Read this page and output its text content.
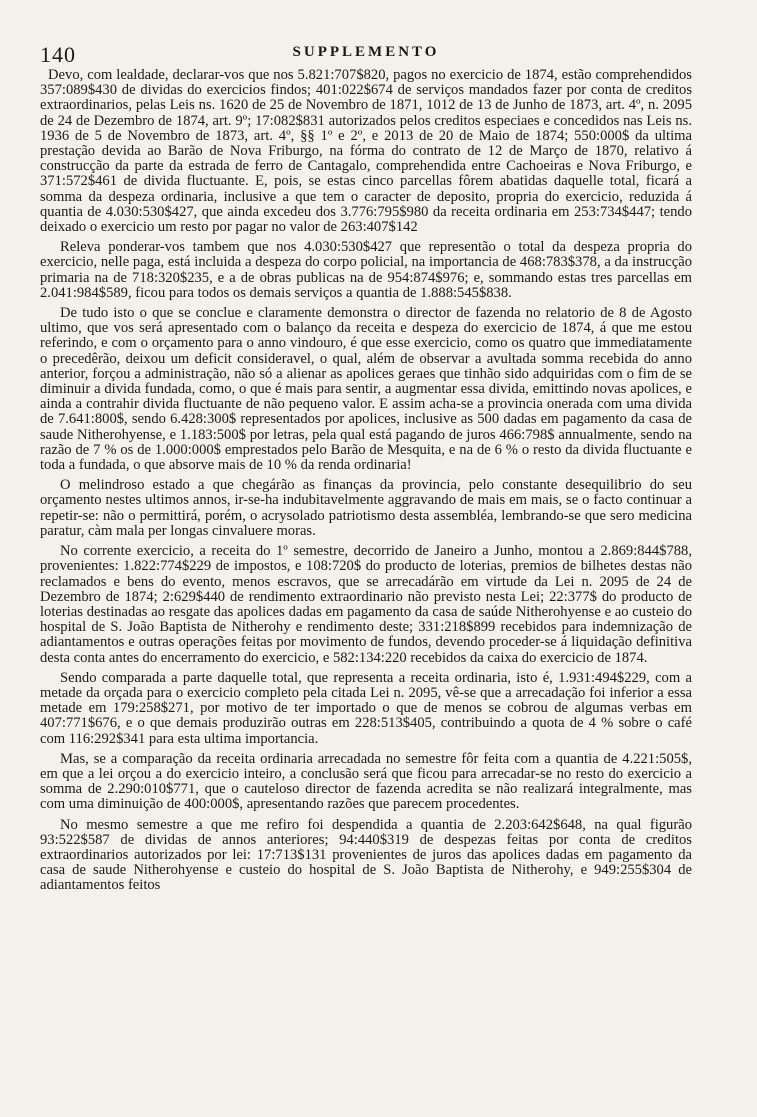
140	SUPPLEMENTO

Devo, com lealdade, declarar-vos que nos 5.821:707$820, pagos no exercicio de 1874, estão comprehendidos 357:089$430 de dividas do exercicios findos; 401:022$674 de serviços mandados fazer por conta de creditos extraordinarios, pelas Leis ns. 1620 de 25 de Novembro de 1871, 1012 de 13 de Junho de 1873, art. 4º, n. 2095 de 24 de Dezembro de 1874, art. 9º; 17:082$831 autorizados pelos creditos especiaes e concedidos nas Leis ns. 1936 de 5 de Novembro de 1873, art. 4º, §§ 1º e 2º, e 2013 de 20 de Maio de 1874; 550:000$ da ultima prestação devida ao Barão de Nova Friburgo, na fórma do contrato de 12 de Março de 1870, relativo á construcção da parte da estrada de ferro de Cantagalo, comprehendida entre Cachoeiras e Nova Friburgo, e 371:572$461 de divida fluctuante. E, pois, se estas cinco parcellas fôrem abatidas daquelle total, ficará a somma da despeza ordinaria, inclusive a que tem o caracter de deposito, propria do exercicio, reduzida á quantia de 4.030:530$427, que ainda excedeu dos 3.776:795$980 da receita ordinaria em 253:734$447; tendo deixado o exercicio um resto por pagar no valor de 263:407$142

Releva ponderar-vos tambem que nos 4.030:530$427 que representão o total da despeza propria do exercicio, nelle paga, está incluida a despeza do corpo policial, na importancia de 468:783$378, a da instrucção primaria na de 718:320$235, e a de obras publicas na de 954:874$976; e, sommando estas tres parcellas em 2.041:984$589, ficou para todos os demais serviços a quantia de 1.888:545$838.

De tudo isto o que se conclue e claramente demonstra o director de fazenda no relatorio de 8 de Agosto ultimo, que vos será apresentado com o balanço da receita e despeza do exercicio de 1874, á que me estou referindo, e com o orçamento para o anno vindouro, é que esse exercicio, como os quatro que immediatamente o precedêrão, deixou um deficit consideravel, o qual, além de observar a avultada somma recebida do anno anterior, forçou a administração, não só a alienar as apolices geraes que tinhão sido adquiridas com o fim de se diminuir a divida fundada, como, o que é mais para sentir, a augmentar essa divida, emittindo novas apolices, e ainda a contrahir divida fluctuante de não pequeno valor. E assim acha-se a provincia onerada com uma divida de 7.641:800$, sendo 6.428:300$ representados por apolices, inclusive as 500 dadas em pagamento da casa de saude Nitherohyense, e 1.183:500$ por letras, pela qual está pagando de juros 466:798$ annualmente, sendo na razão de 7 % os de 1.000:000$ emprestados pelo Barão de Mesquita, e na de 6 % o resto da divida fluctuante e toda a fundada, o que absorve mais de 10 % da renda ordinaria!

O melindroso estado a que chegárão as finanças da provincia, pelo constante desequilibrio do seu orçamento nestes ultimos annos, ir-se-ha indubitavelmente aggravando de mais em mais, se o facto continuar a repetir-se: não o permittirá, porém, o acrysolado patriotismo desta assembléa, lembrando-se que sero medicina paratur, càm mala per longas cinvaluere moras.

No corrente exercicio, a receita do 1º semestre, decorrido de Janeiro a Junho, montou a 2.869:844$788, provenientes: 1.822:774$229 de impostos, e 108:720$ do producto de loterias, premios de bilhetes destas não reclamados e bens do evento, menos escravos, que se arrecadárão em virtude da Lei n. 2095 de 24 de Dezembro de 1874; 2:629$440 de rendimento extraordinario não previsto nesta Lei; 22:377$ do producto de loterias destinadas ao resgate das apolices dadas em pagamento da casa de saúde Nitherohyense e ao custeio do hospital de S. João Baptista de Nitherohy e rendimento deste; 331:218$899 recebidos para indemnização de adiantamentos e outras operações feitas por movimento de fundos, devendo proceder-se á liquidação definitiva desta conta antes do encerramento do exercicio, e 582:134:220 recebidos da caixa do exercicio de 1874.

Sendo comparada a parte daquelle total, que representa a receita ordinaria, isto é, 1.931:494$229, com a metade da orçada para o exercicio completo pela citada Lei n. 2095, vê-se que a arrecadação foi inferior a essa metade em 179:258$271, por motivo de ter importado o que de menos se cobrou de algumas verbas em 407:771$676, e o que demais produzirão outras em 228:513$405, contribuindo a quota de 4 % sobre o café com 116:292$341 para esta ultima importancia.

Mas, se a comparação da receita ordinaria arrecadada no semestre fôr feita com a quantia de 4.221:505$, em que a lei orçou a do exercicio inteiro, a conclusão será que ficou para arrecadar-se no resto do exercicio a somma de 2.290:010$771, que o cauteloso director de fazenda acredita se não realizará integralmente, mas com uma diminuição de 400:000$, apresentando razões que parecem procedentes.

No mesmo semestre a que me refiro foi despendida a quantia de 2.203:642$648, na qual figurão 93:522$587 de dividas de annos anteriores; 94:440$319 de despezas feitas por conta de creditos extraordinarios autorizados por lei: 17:713$131 provenientes de juros das apolices dadas em pagamento da casa de saude Nitherohyense e custeio do hospital de S. João Baptista de Nitherohy, e 949:255$304 de adiantamentos feitos
